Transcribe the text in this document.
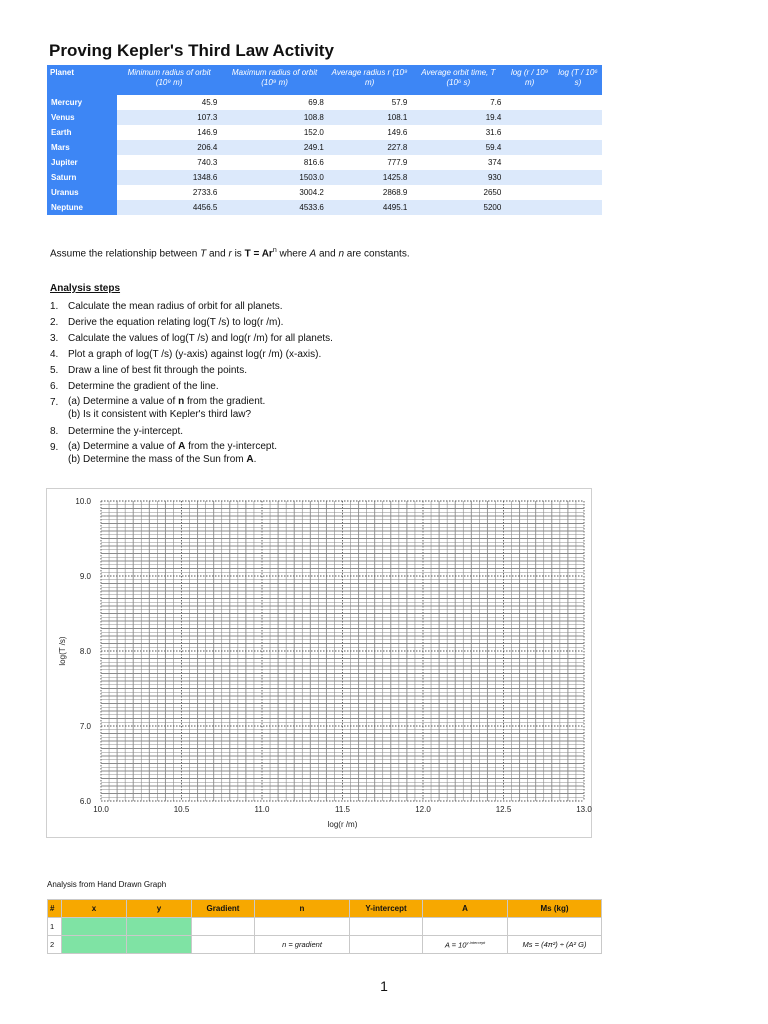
Proving Kepler's Third Law Activity
Planet	Minimum radius of orbit (10⁹ m)	Maximum radius of orbit (10⁹ m)	Average radius r (10⁹ m)	Average orbit time, T (10⁶ s)	log (r / 10⁹ m)	log (T / 10⁶ s)
Mercury	45.9	69.8	57.9	7.6		
Venus	107.3	108.8	108.1	19.4		
Earth	146.9	152.0	149.6	31.6		
Mars	206.4	249.1	227.8	59.4		
Jupiter	740.3	816.6	777.9	374		
Saturn	1348.6	1503.0	1425.8	930		
Uranus	2733.6	3004.2	2868.9	2650		
Neptune	4456.5	4533.6	4495.1	5200		
Assume the relationship between T and r is $T = Ar^n$ where A and n are constants.
Analysis steps
1. Calculate the mean radius of orbit for all planets.
2. Derive the equation relating log(T /s) to log(r /m).
3. Calculate the values of log(T /s) and log(r /m) for all planets.
4. Plot a graph of log(T /s) (y-axis) against log(r /m) (x-axis).
5. Draw a line of best fit through the points.
6. Determine the gradient of the line.
7. (a) Determine a value of n from the gradient.
(b) Is it consistent with Kepler's third law?
8. Determine the y-intercept.
9. (a) Determine a value of A from the y-intercept.
(b) Determine the mass of the Sun from A.
10.0	10.5	11.0	11.5	12.0	12.5	13.0
6.0
7.0
8.0
9.0
10.0
log(r /m)
log(T /s)
Analysis from Hand Drawn Graph
#	x	y	Gradient	n	Y-intercept	A	Ms (kg)
1							
2				n = gradient		$A = 10^{y-intercept}$	Ms = (4π²) ÷ (A² G)
1
